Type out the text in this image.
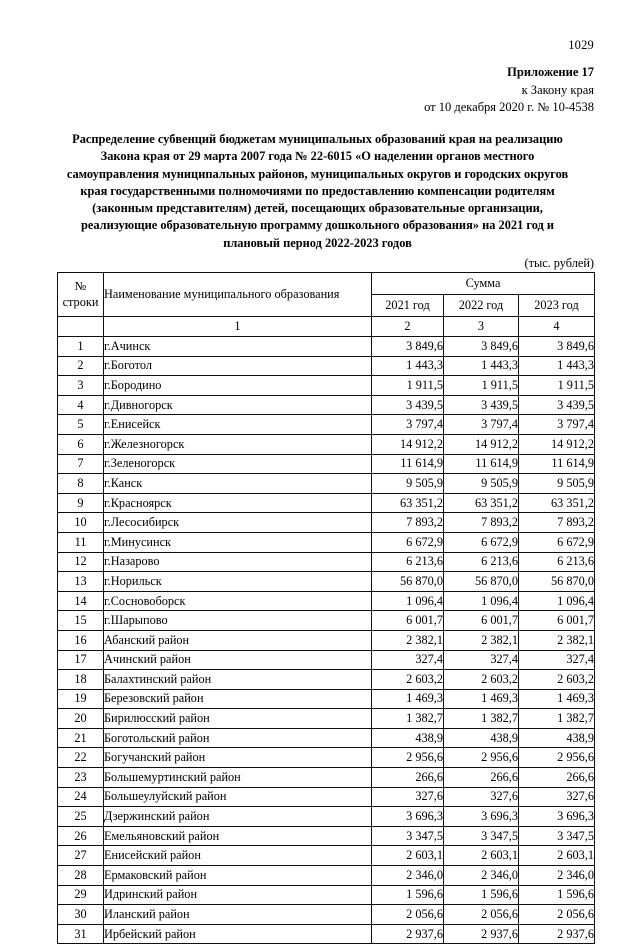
1029
Приложение 17
к Закону края
от 10 декабря 2020 г. № 10-4538
Распределение субвенций бюджетам муниципальных образований края на реализацию
Закона края от 29 марта 2007 года № 22-6015 «О наделении органов местного
самоуправления муниципальных районов, муниципальных округов и городских округов
края государственными полномочиями по предоставлению компенсации родителям
(законным представителям) детей, посещающих образовательные организации,
реализующие образовательную программу дошкольного образования» на 2021 год и
плановый период 2022-2023 годов
(тыс. рублей)
№
строки	Наименование муниципального образования	Сумма		
		2021 год	2022 год	2023 год
	1	2	3	4
1	г.Ачинск	3 849,6	3 849,6	3 849,6
2	г.Боготол	1 443,3	1 443,3	1 443,3
3	г.Бородино	1 911,5	1 911,5	1 911,5
4	г.Дивногорск	3 439,5	3 439,5	3 439,5
5	г.Енисейск	3 797,4	3 797,4	3 797,4
6	г.Железногорск	14 912,2	14 912,2	14 912,2
7	г.Зеленогорск	11 614,9	11 614,9	11 614,9
8	г.Канск	9 505,9	9 505,9	9 505,9
9	г.Красноярск	63 351,2	63 351,2	63 351,2
10	г.Лесосибирск	7 893,2	7 893,2	7 893,2
11	г.Минусинск	6 672,9	6 672,9	6 672,9
12	г.Назарово	6 213,6	6 213,6	6 213,6
13	г.Норильск	56 870,0	56 870,0	56 870,0
14	г.Сосновоборск	1 096,4	1 096,4	1 096,4
15	г.Шарыпово	6 001,7	6 001,7	6 001,7
16	Абанский район	2 382,1	2 382,1	2 382,1
17	Ачинский район	327,4	327,4	327,4
18	Балахтинский район	2 603,2	2 603,2	2 603,2
19	Березовский район	1 469,3	1 469,3	1 469,3
20	Бирилюсский район	1 382,7	1 382,7	1 382,7
21	Боготольский район	438,9	438,9	438,9
22	Богучанский район	2 956,6	2 956,6	2 956,6
23	Большемуртинский район	266,6	266,6	266,6
24	Большеулуйский район	327,6	327,6	327,6
25	Дзержинский район	3 696,3	3 696,3	3 696,3
26	Емельяновский район	3 347,5	3 347,5	3 347,5
27	Енисейский район	2 603,1	2 603,1	2 603,1
28	Ермаковский район	2 346,0	2 346,0	2 346,0
29	Идринский район	1 596,6	1 596,6	1 596,6
30	Иланский район	2 056,6	2 056,6	2 056,6
31	Ирбейский район	2 937,6	2 937,6	2 937,6
